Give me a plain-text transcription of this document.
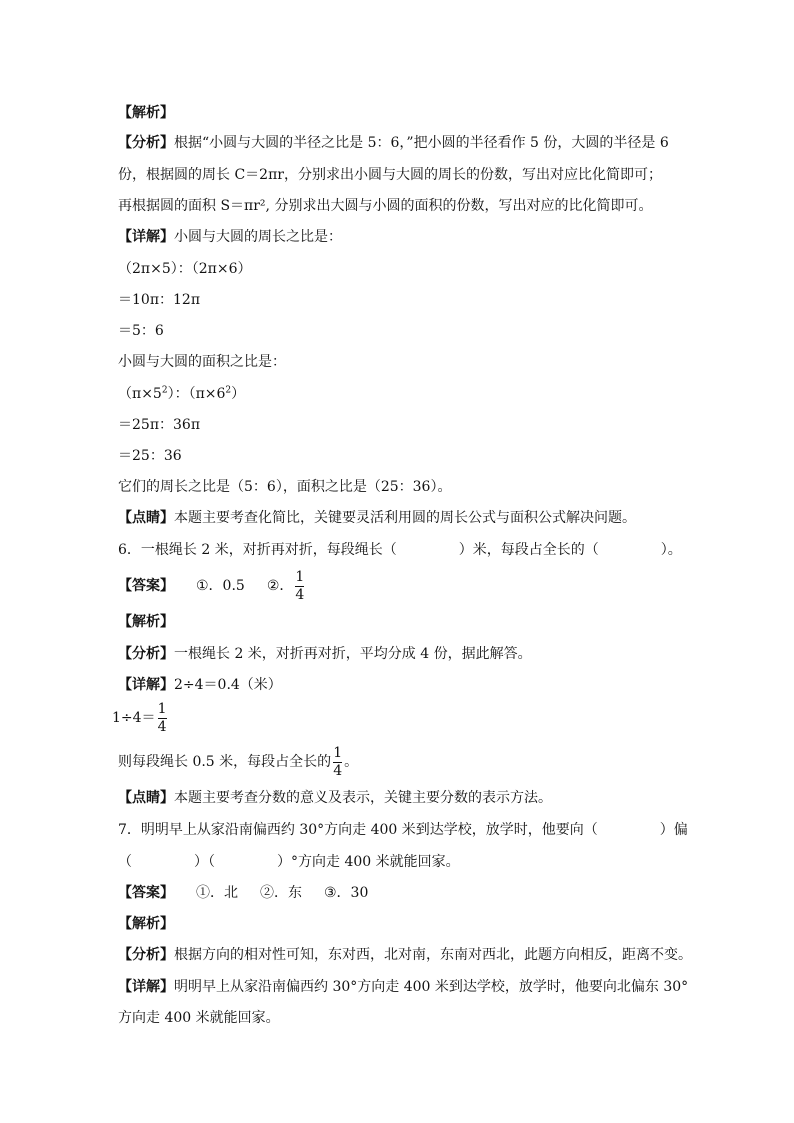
【解析】
【分析】根据“小圆与大圆的半径之比是 5：6，”把小圆的半径看作 5 份，大圆的半径是 6
份，根据圆的周长 C＝2πr，分别求出小圆与大圆的周长的份数，写出对应比化简即可；
再根据圆的面积 S＝πr², 分别求出大圆与小圆的面积的份数，写出对应的比化简即可。
【详解】小圆与大圆的周长之比是：
（2π×5）：（2π×6）
＝10π：12π
＝5：6
小圆与大圆的面积之比是：
$(\pi\times 5^2)$：$(\pi\times 6^2)$
＝25π：36π
＝25：36
它们的周长之比是（5：6），面积之比是（25：36）。
【点睛】本题主要考查化简比，关键要灵活利用圆的周长公式与面积公式解决问题。
6．一根绳长 2 米，对折再对折，每段绳长（	）米，每段占全长的（	）。
【答案】 ①．0.5 ②． $\frac{1}{4}$
【解析】
【分析】一根绳长 2 米，对折再对折，平均分成 4 份，据此解答。
【详解】2÷4＝0.4（米）
$1\div 4= \frac{1}{4}$
则每段绳长 0.5 米，每段占全长的 $\frac{1}{4}$ 。
【点睛】本题主要考查分数的意义及表示，关键主要分数的表示方法。
7．明明早上从家沿南偏西约 30°方向走 400 米到达学校，放学时，他要向（	）偏
（	）（	）°方向走 400 米就能回家。
【答案】 ①．北 ②．东 ③．30
【解析】
【分析】根据方向的相对性可知，东对西，北对南，东南对西北，此题方向相反，距离不变。
【详解】明明早上从家沿南偏西约 30°方向走 400 米到达学校，放学时，他要向北偏东 30°
方向走 400 米就能回家。
